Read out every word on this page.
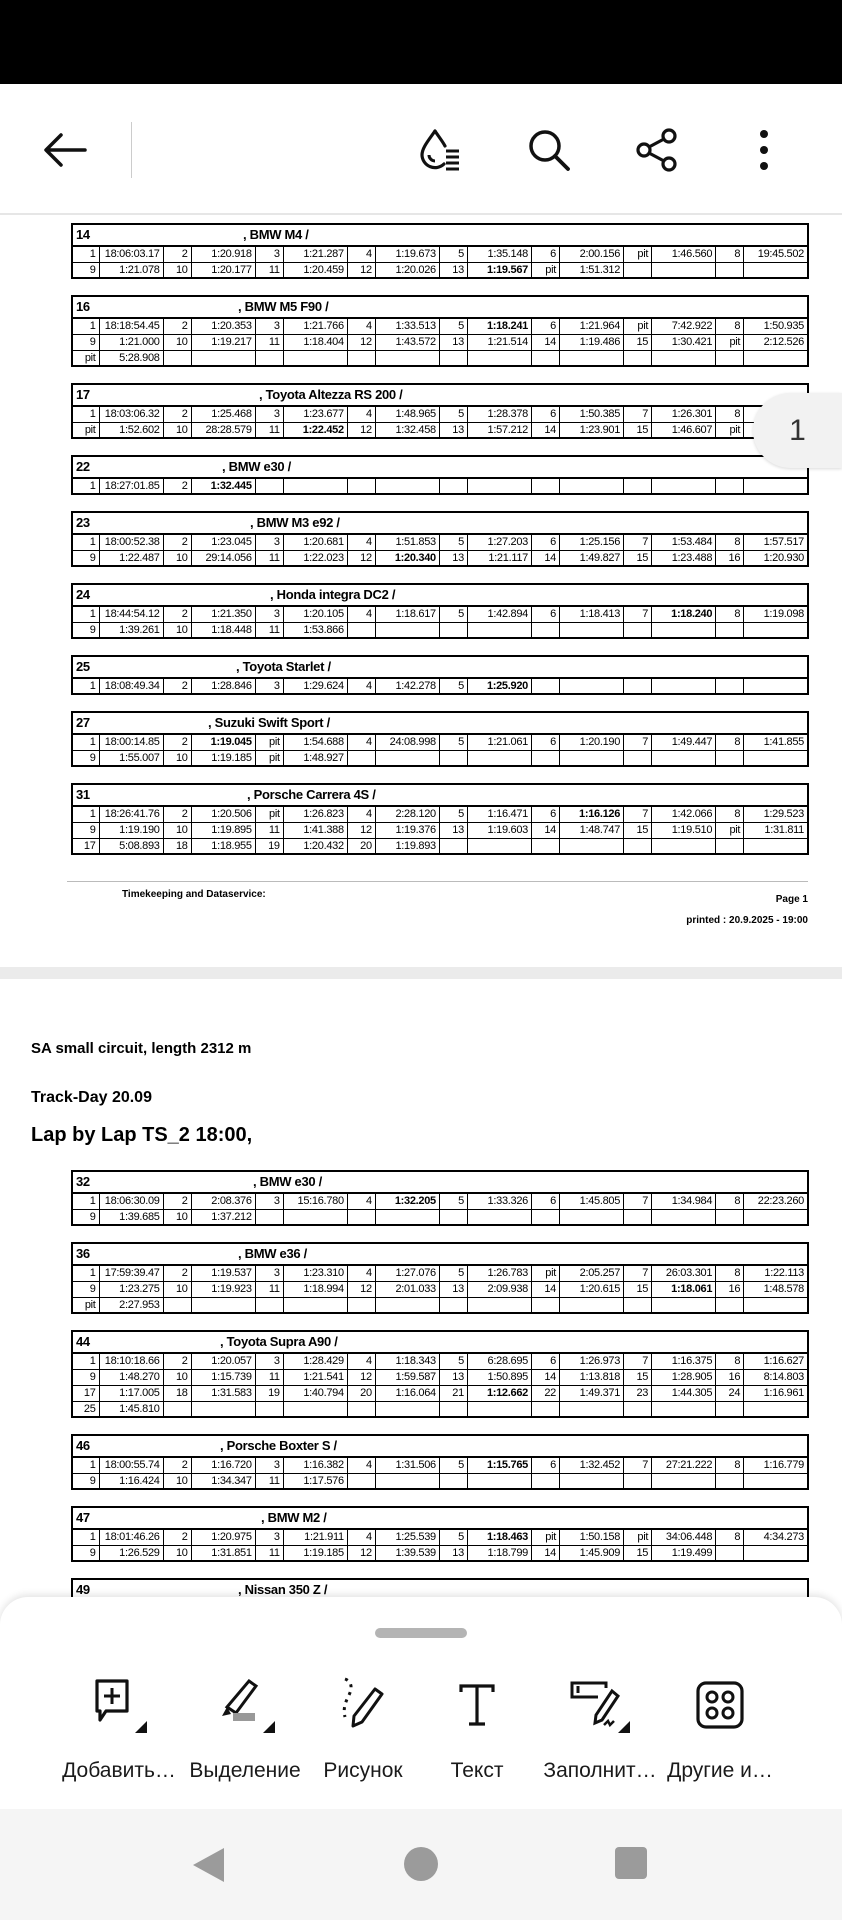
14 , BMW M4 /															

1	18:06:03.17	2	1:20.918	3	1:21.287	4	1:19.673	5	1:35.148	6	2:00.156	pit	1:46.560	8	19:45.502
9	1:21.078	10	1:20.177	11	1:20.459	12	1:20.026	13	1:19.567	pit	1:51.312				
16 , BMW M5 F90 /															

1	18:18:54.45	2	1:20.353	3	1:21.766	4	1:33.513	5	1:18.241	6	1:21.964	pit	7:42.922	8	1:50.935
9	1:21.000	10	1:19.217	11	1:18.404	12	1:43.572	13	1:21.514	14	1:19.486	15	1:30.421	pit	2:12.526
pit	5:28.908														
17 , Toyota Altezza RS 200 /															

1	18:03:06.32	2	1:25.468	3	1:23.677	4	1:48.965	5	1:28.378	6	1:50.385	7	1:26.301	8	
pit	1:52.602	10	28:28.579	11	1:22.452	12	1:32.458	13	1:57.212	14	1:23.901	15	1:46.607	pit	
22	, BMW e30 /

1	18:27:01.85	2	1:32.445												
23 , BMW M3 e92 /															

1	18:00:52.38	2	1:23.045	3	1:20.681	4	1:51.853	5	1:27.203	6	1:25.156	7	1:53.484	8	1:57.517
9	1:22.487	10	29:14.056	11	1:22.023	12	1:20.340	13	1:21.117	14	1:49.827	15	1:23.488	16	1:20.930
24 , Honda integra DC2 /															

1	18:44:54.12	2	1:21.350	3	1:20.105	4	1:18.617	5	1:42.894	6	1:18.413	7	1:18.240	8	1:19.098
9	1:39.261	10	1:18.448	11	1:53.866										
25	, Toyota Starlet /

1	18:08:49.34	2	1:28.846	3	1:29.624	4	1:42.278	5	1:25.920						
27 , Suzuki Swift Sport /															

1	18:00:14.85	2	1:19.045	pit	1:54.688	4	24:08.998	5	1:21.061	6	1:20.190	7	1:49.447	8	1:41.855
9	1:55.007	10	1:19.185	pit	1:48.927										
31 , Porsche Carrera 4S /															

1	18:26:41.76	2	1:20.506	pit	1:26.823	4	2:28.120	5	1:16.471	6	1:16.126	7	1:42.066	8	1:29.523
9	1:19.190	10	1:19.895	11	1:41.388	12	1:19.376	13	1:19.603	14	1:48.747	15	1:19.510	pit	1:31.811
17	5:08.893	18	1:18.955	19	1:20.432	20	1:19.893								
Timekeeping and Dataservice:	Page 1
printed : 20.9.2025 - 19:00
SA small circuit, length 2312 m
Track-Day 20.09
Lap by Lap TS_2 18:00,
32 , BMW e30 /															

1	18:06:30.09	2	2:08.376	3	15:16.780	4	1:32.205	5	1:33.326	6	1:45.805	7	1:34.984	8	22:23.260
9	1:39.685	10	1:37.212												
36 , BMW e36 /															

1	17:59:39.47	2	1:19.537	3	1:23.310	4	1:27.076	5	1:26.783	pit	2:05.257	7	26:03.301	8	1:22.113
9	1:23.275	10	1:19.923	11	1:18.994	12	2:01.033	13	2:09.938	14	1:20.615	15	1:18.061	16	1:48.578
pit	2:27.953														
44 , Toyota Supra A90 /															

1	18:10:18.66	2	1:20.057	3	1:28.429	4	1:18.343	5	6:28.695	6	1:26.973	7	1:16.375	8	1:16.627
9	1:48.270	10	1:15.739	11	1:21.541	12	1:59.587	13	1:50.895	14	1:13.818	15	1:28.905	16	8:14.803
17	1:17.005	18	1:31.583	19	1:40.794	20	1:16.064	21	1:12.662	22	1:49.371	23	1:44.305	24	1:16.961
25	1:45.810														
46 , Porsche Boxter S /															

1	18:00:55.74	2	1:16.720	3	1:16.382	4	1:31.506	5	1:15.765	6	1:32.452	7	27:21.222	8	1:16.779
9	1:16.424	10	1:34.347	11	1:17.576										
47 , BMW M2 /															

1	18:01:46.26	2	1:20.975	3	1:21.911	4	1:25.539	5	1:18.463	pit	1:50.158	pit	34:06.448	8	4:34.273
9	1:26.529	10	1:31.851	11	1:19.185	12	1:39.539	13	1:18.799	14	1:45.909	15	1:19.499		
49	, Nissan 350 Z /
1
Добавить… Выделение	Рисунок	Текст	Заполнит… Другие и…
